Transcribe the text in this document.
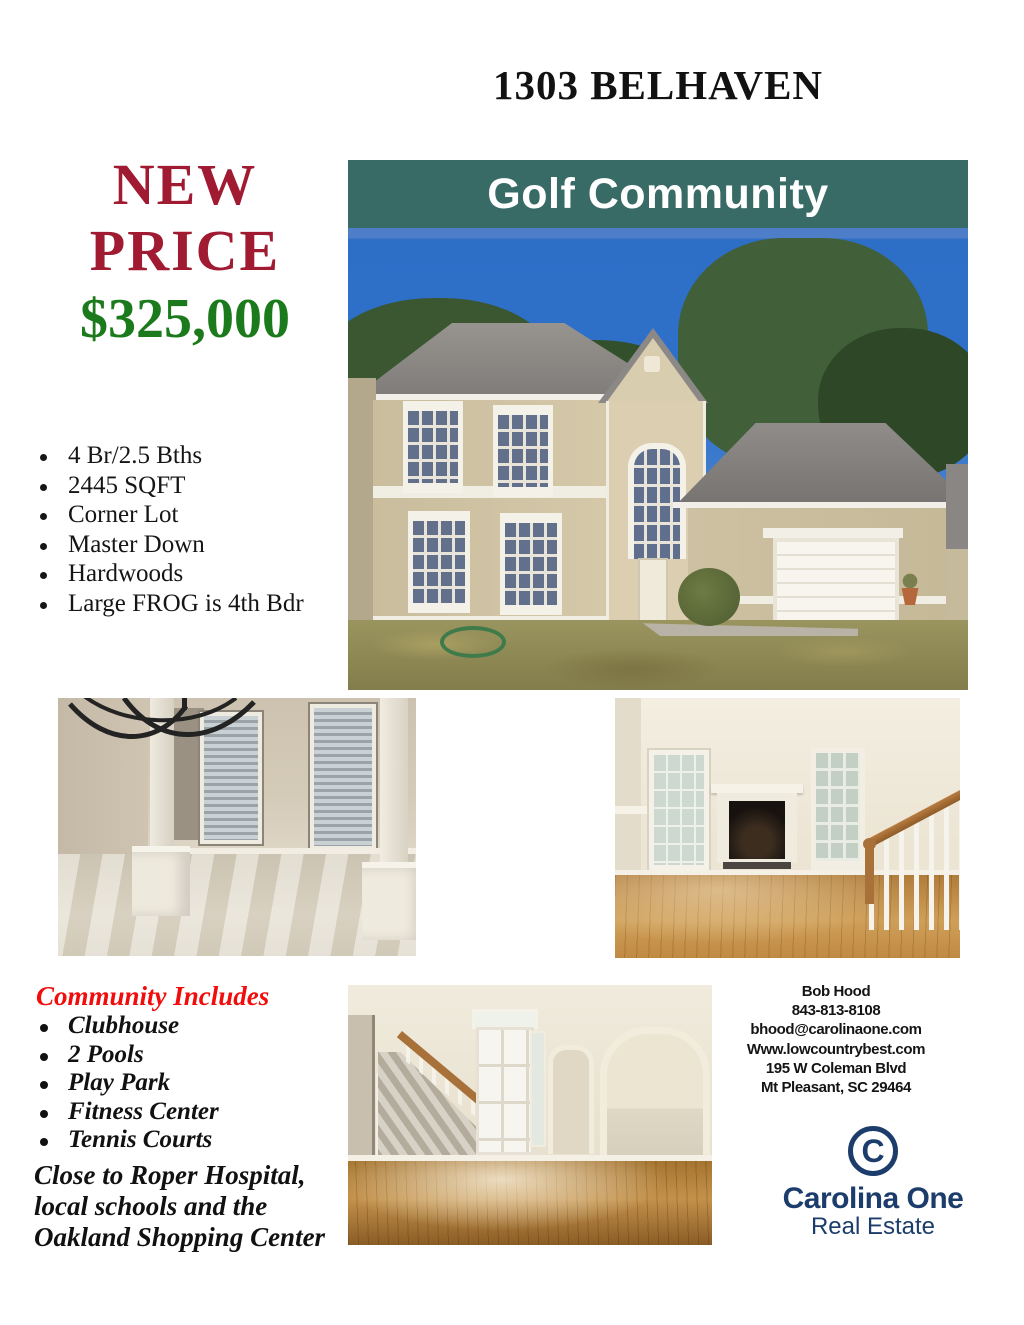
1303 BELHAVEN
NEW
PRICE
$325,000
4 Br/2.5 Bths
2445 SQFT
Corner Lot
Master Down
Hardwoods
Large FROG is 4th Bdr
Golf Community
Community Includes
Clubhouse
2 Pools
Play Park
Fitness Center
Tennis Courts
Close to Roper Hospital,
local schools and the
Oakland Shopping Center
Bob Hood
843-813-8108
bhood@carolinaone.com
Www.lowcountrybest.com
195 W Coleman Blvd
Mt Pleasant, SC 29464
C
Carolina One
Real Estate
